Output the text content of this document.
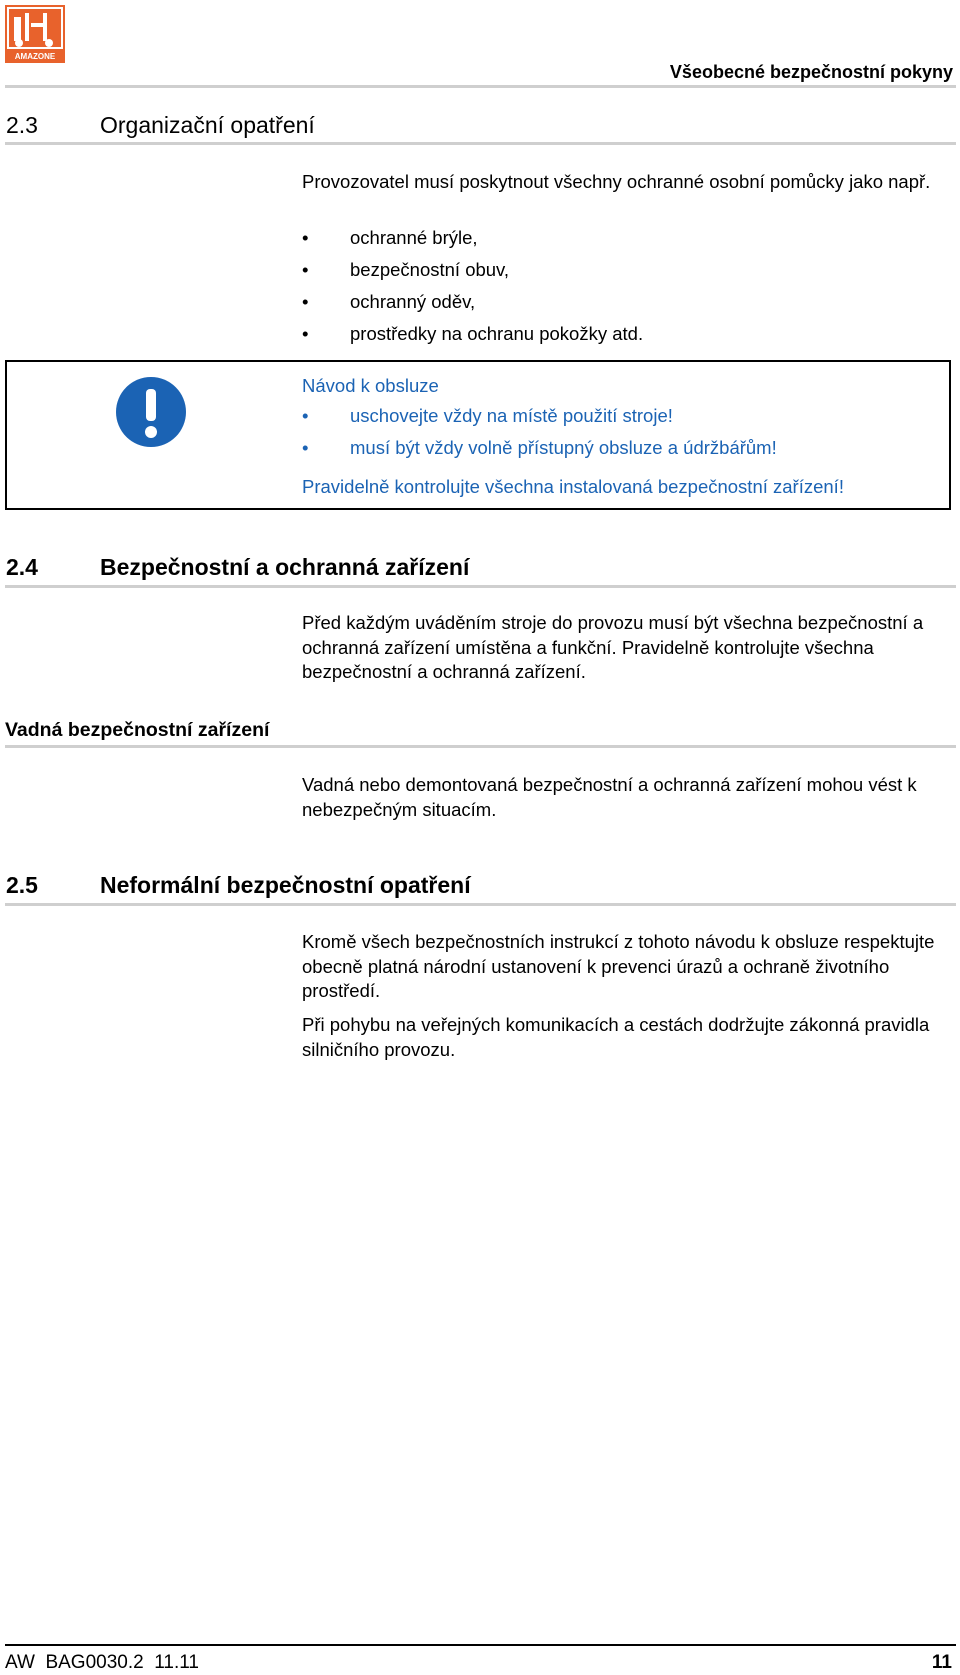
AMAZONE
Všeobecné bezpečnostní pokyny
2.3	Organizační opatření
Provozovatel musí poskytnout všechny ochranné osobní pomůcky jako např.
•	ochranné brýle,
•	bezpečnostní obuv,
•	ochranný oděv,
•	prostředky na ochranu pokožky atd.
Návod k obsluze
•	uschovejte vždy na místě použití stroje!
•	musí být vždy volně přístupný obsluze a údržbářům!
Pravidelně kontrolujte všechna instalovaná bezpečnostní zařízení!
2.4	Bezpečnostní a ochranná zařízení
Před každým uváděním stroje do provozu musí být všechna bezpečnostní a ochranná zařízení umístěna a funkční. Pravidelně kontrolujte všechna bezpečnostní a ochranná zařízení.
Vadná bezpečnostní zařízení
Vadná nebo demontovaná bezpečnostní a ochranná zařízení mohou vést k nebezpečným situacím.
2.5	Neformální bezpečnostní opatření
Kromě všech bezpečnostních instrukcí z tohoto návodu k obsluze respektujte obecně platná národní ustanovení k prevenci úrazů a ochraně životního prostředí.
Při pohybu na veřejných komunikacích a cestách dodržujte zákonná pravidla silničního provozu.
AW  BAG0030.2  11.11	11
